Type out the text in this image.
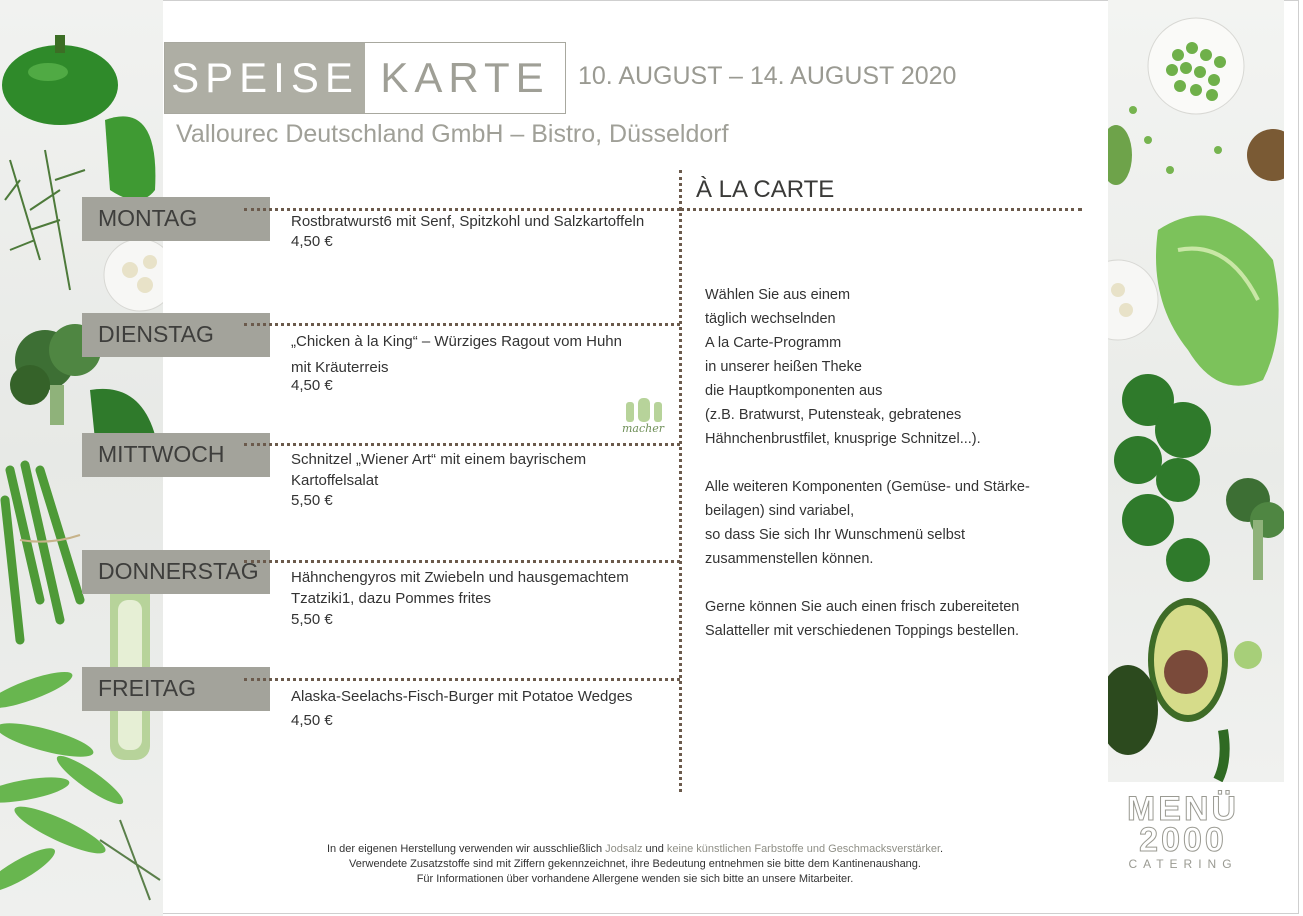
SPEISE KARTE	10. AUGUST – 14. AUGUST 2020
Vallourec Deutschland GmbH – Bistro, Düsseldorf
À LA CARTE
MONTAG	Rostbratwurst6 mit Senf, Spitzkohl und Salzkartoffeln
4,50 €
DIENSTAG	„Chicken à la King“ – Würziges Ragout vom Huhn
mit Kräuterreis
4,50 €
macher
MITTWOCH	Schnitzel „Wiener Art“ mit einem bayrischem
Kartoffelsalat
5,50 €
DONNERSTAG	Hähnchengyros mit Zwiebeln und hausgemachtem
Tzatziki1, dazu Pommes frites
5,50 €
FREITAG	Alaska-Seelachs-Fisch-Burger mit Potatoe Wedges
4,50 €

Wählen Sie aus einem
täglich wechselnden
A la Carte-Programm
in unserer heißen Theke
die Hauptkomponenten aus
(z.B. Bratwurst, Putensteak, gebratenes
Hähnchenbrustfilet, knusprige Schnitzel...).

Alle weiteren Komponenten (Gemüse- und Stärke-
beilagen) sind variabel,
so dass Sie sich Ihr Wunschmenü selbst
zusammenstellen können.

Gerne können Sie auch einen frisch zubereiteten
Salatteller mit verschiedenen Toppings bestellen.

In der eigenen Herstellung verwenden wir ausschließlich Jodsalz und keine künstlichen Farbstoffe und Geschmacksverstärker.
Verwendete Zusatzstoffe sind mit Ziffern gekennzeichnet, ihre Bedeutung entnehmen sie bitte dem Kantinenaushang.
Für Informationen über vorhandene Allergene wenden sie sich bitte an unsere Mitarbeiter.
MENÜ
2000
CATERING
